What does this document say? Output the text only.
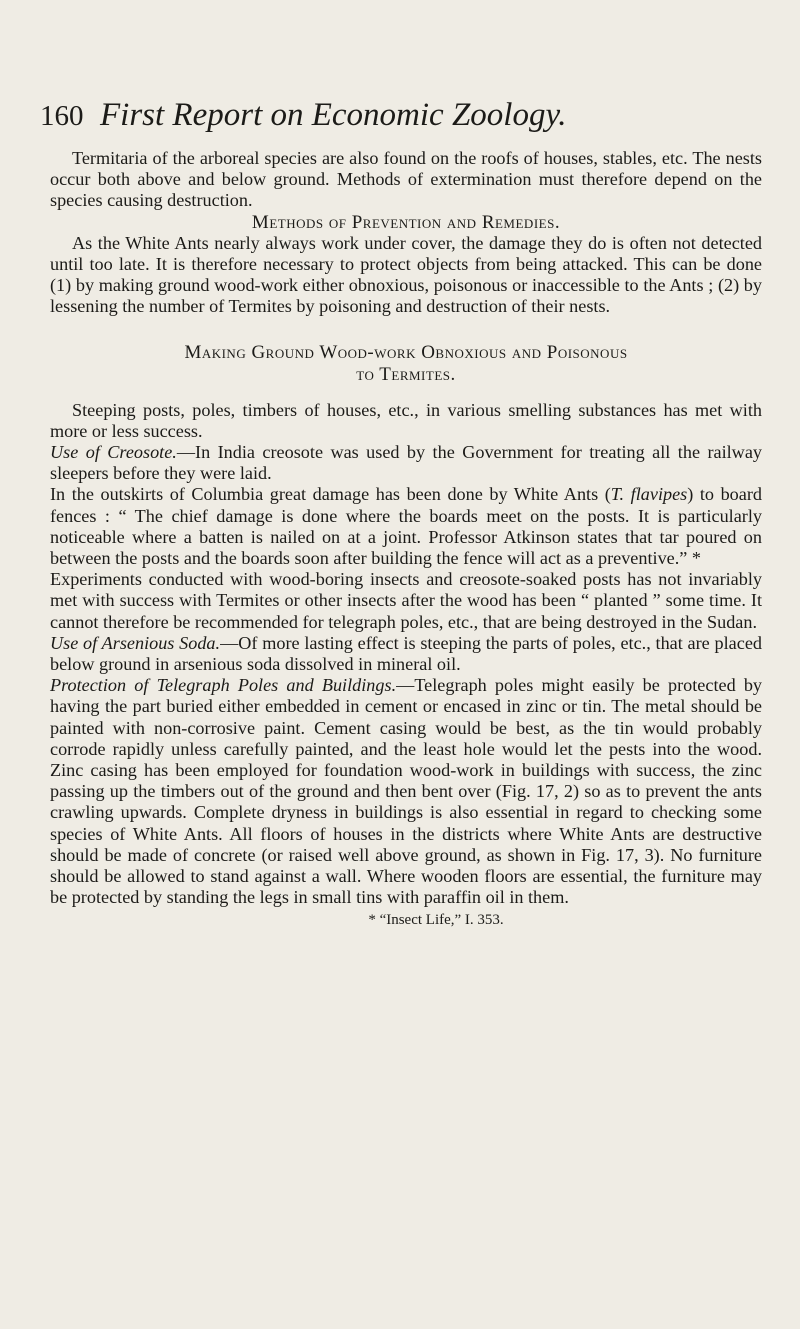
160 First Report on Economic Zoology.

Termitaria of the arboreal species are also found on the roofs of houses, stables, etc. The nests occur both above and below ground. Methods of extermination must therefore depend on the species causing destruction.

Methods of Prevention and Remedies.

As the White Ants nearly always work under cover, the damage they do is often not detected until too late. It is therefore necessary to protect objects from being attacked. This can be done (1) by making ground wood-work either obnoxious, poisonous or inaccessible to the Ants ; (2) by lessening the number of Termites by poisoning and destruction of their nests.

Making Ground Wood-work Obnoxious and Poisonous
to Termites.

Steeping posts, poles, timbers of houses, etc., in various smelling substances has met with more or less success.

Use of Creosote.—In India creosote was used by the Government for treating all the railway sleepers before they were laid.

In the outskirts of Columbia great damage has been done by White Ants (T. flavipes) to board fences : “ The chief damage is done where the boards meet on the posts. It is particularly noticeable where a batten is nailed on at a joint. Professor Atkinson states that tar poured on between the posts and the boards soon after building the fence will act as a preventive.” *

Experiments conducted with wood-boring insects and creosote-soaked posts has not invariably met with success with Termites or other insects after the wood has been “ planted ” some time. It cannot therefore be recommended for telegraph poles, etc., that are being destroyed in the Sudan.

Use of Arsenious Soda.—Of more lasting effect is steeping the parts of poles, etc., that are placed below ground in arsenious soda dissolved in mineral oil.

Protection of Telegraph Poles and Buildings.—Telegraph poles might easily be protected by having the part buried either embedded in cement or encased in zinc or tin. The metal should be painted with non-corrosive paint. Cement casing would be best, as the tin would probably corrode rapidly unless carefully painted, and the least hole would let the pests into the wood. Zinc casing has been employed for foundation wood-work in buildings with success, the zinc passing up the timbers out of the ground and then bent over (Fig. 17, 2) so as to prevent the ants crawling upwards. Complete dryness in buildings is also essential in regard to checking some species of White Ants. All floors of houses in the districts where White Ants are destructive should be made of concrete (or raised well above ground, as shown in Fig. 17, 3). No furniture should be allowed to stand against a wall. Where wooden floors are essential, the furniture may be protected by standing the legs in small tins with paraffin oil in them.

* “Insect Life,” I. 353.
